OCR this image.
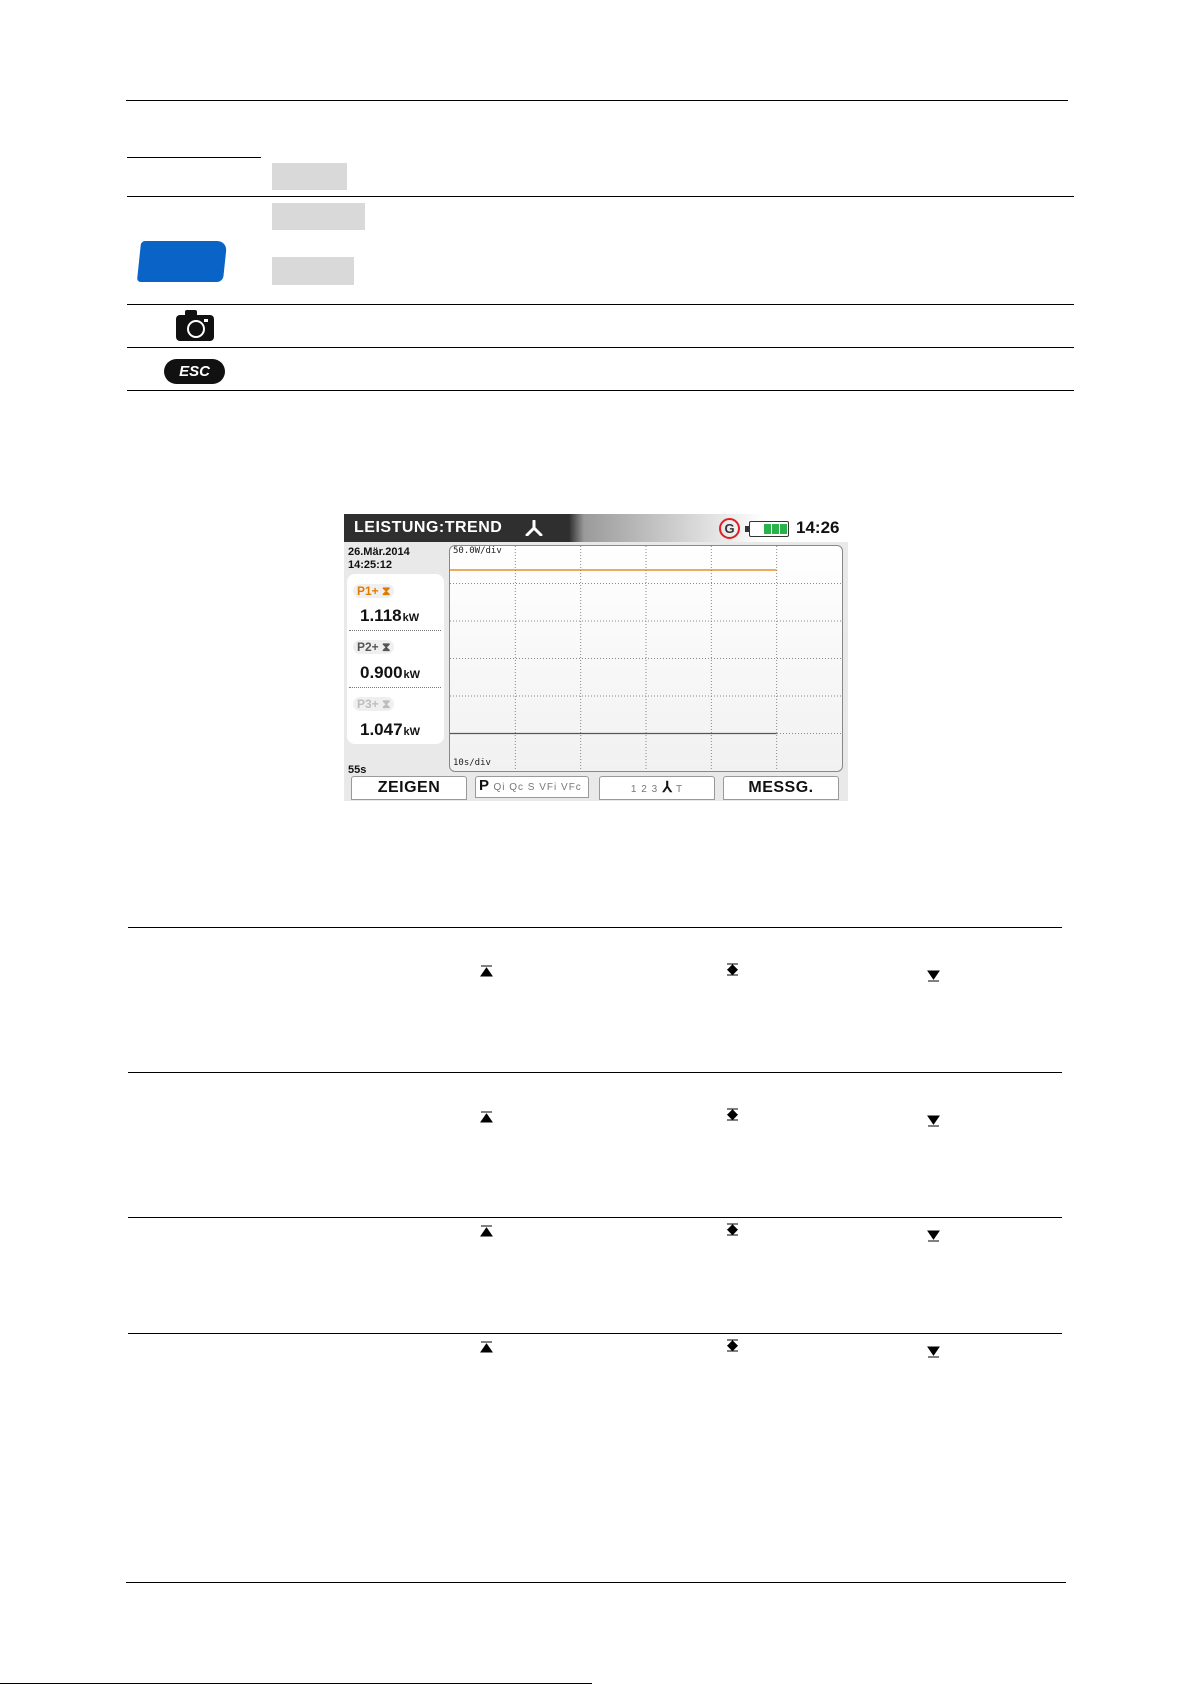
ESC
LEISTUNG:TREND	G	14:26
26.Mär.2014
14:25:12
P1+ ⧗
1.118kW
P2+ ⧗
0.900kW
P3+ ⧗
1.047kW
55s
50.0W/div
10s/div
ZEIGEN	P Qi Qc S VFi VFc	1 2 3 ⅄ T	MESSG.
